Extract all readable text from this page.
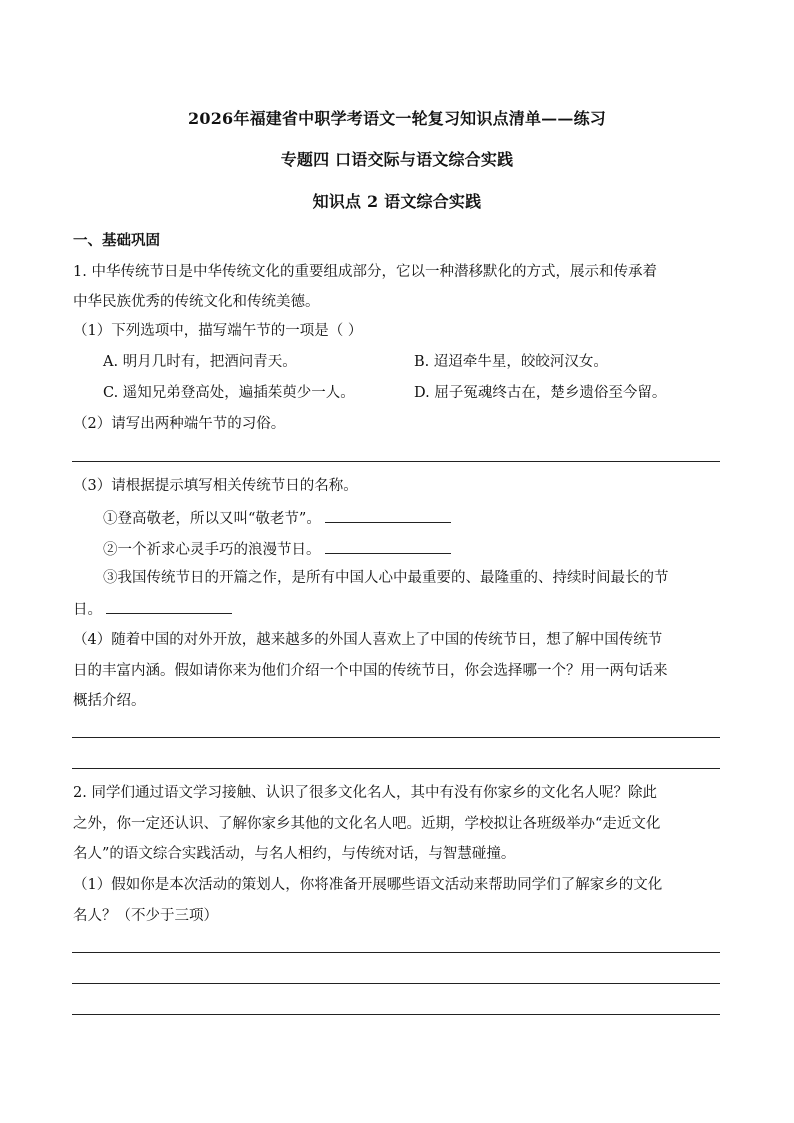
2026年福建省中职学考语文一轮复习知识点清单——练习
专题四 口语交际与语文综合实践
知识点 2 语文综合实践
一、基础巩固
1. 中华传统节日是中华传统文化的重要组成部分，它以一种潜移默化的方式，展示和传承着
中华民族优秀的传统文化和传统美德。
（1）下列选项中，描写端午节的一项是（ ）
A. 明月几时有，把酒问青天。	B. 迢迢牵牛星，皎皎河汉女。
C. 遥知兄弟登高处，遍插茱萸少一人。	D. 屈子冤魂终古在，楚乡遗俗至今留。
（2）请写出两种端午节的习俗。
（3）请根据提示填写相关传统节日的名称。
①登高敬老，所以又叫“敬老节”。
②一个祈求心灵手巧的浪漫节日。
③我国传统节日的开篇之作，是所有中国人心中最重要的、最隆重的、持续时间最长的节
日。
（4）随着中国的对外开放，越来越多的外国人喜欢上了中国的传统节日，想了解中国传统节
日的丰富内涵。假如请你来为他们介绍一个中国的传统节日，你会选择哪一个？用一两句话来
概括介绍。
2. 同学们通过语文学习接触、认识了很多文化名人，其中有没有你家乡的文化名人呢？除此
之外，你一定还认识、了解你家乡其他的文化名人吧。近期，学校拟让各班级举办“走近文化
名人”的语文综合实践活动，与名人相约，与传统对话，与智慧碰撞。
（1）假如你是本次活动的策划人，你将准备开展哪些语文活动来帮助同学们了解家乡的文化
名人？（不少于三项）
